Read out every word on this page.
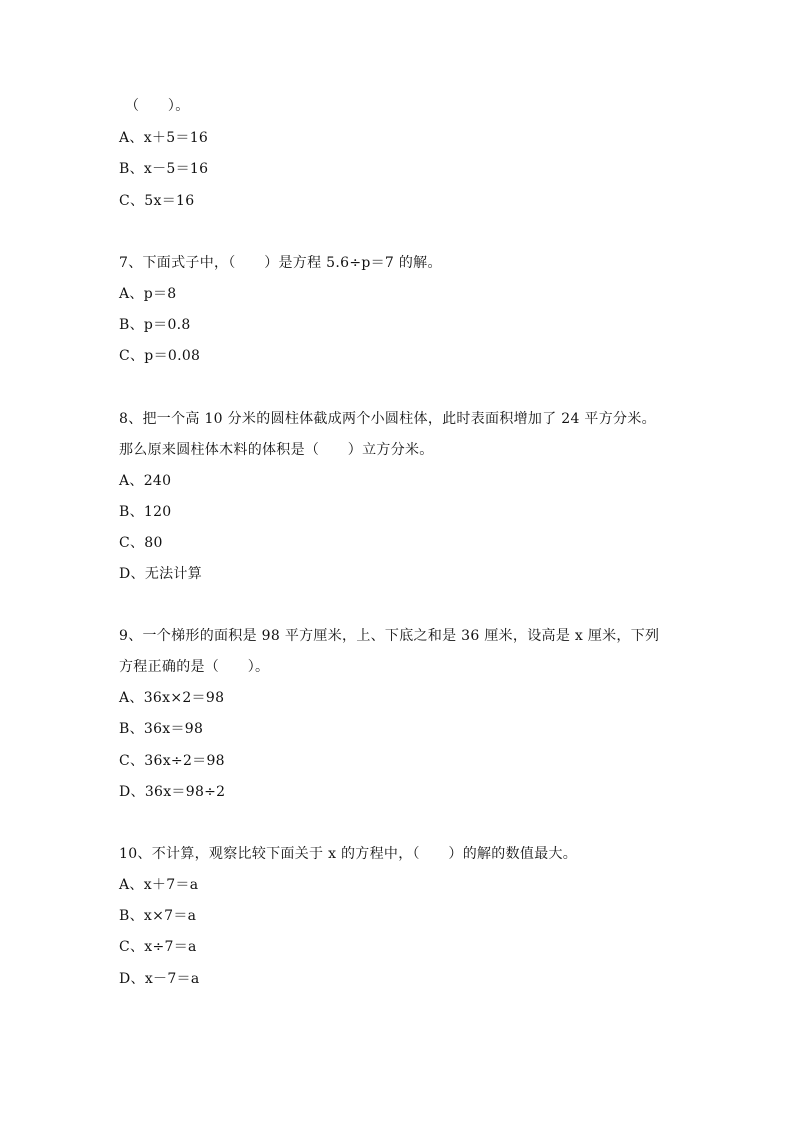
（　　）。
A、x＋5＝16
B、x－5＝16
C、5x＝16
7、下面式子中，（　　）是方程 5.6÷p＝7 的解。
A、p＝8
B、p＝0.8
C、p＝0.08
8、把一个高 10 分米的圆柱体截成两个小圆柱体，此时表面积增加了 24 平方分米。
那么原来圆柱体木料的体积是（　　）立方分米。
A、240
B、120
C、80
D、无法计算
9、一个梯形的面积是 98 平方厘米，上、下底之和是 36 厘米，设高是 x 厘米，下列
方程正确的是（　　）。
A、36x×2＝98
B、36x＝98
C、36x÷2＝98
D、36x＝98÷2
10、不计算，观察比较下面关于 x 的方程中，（　　）的解的数值最大。
A、x＋7＝a
B、x×7＝a
C、x÷7＝a
D、x－7＝a
